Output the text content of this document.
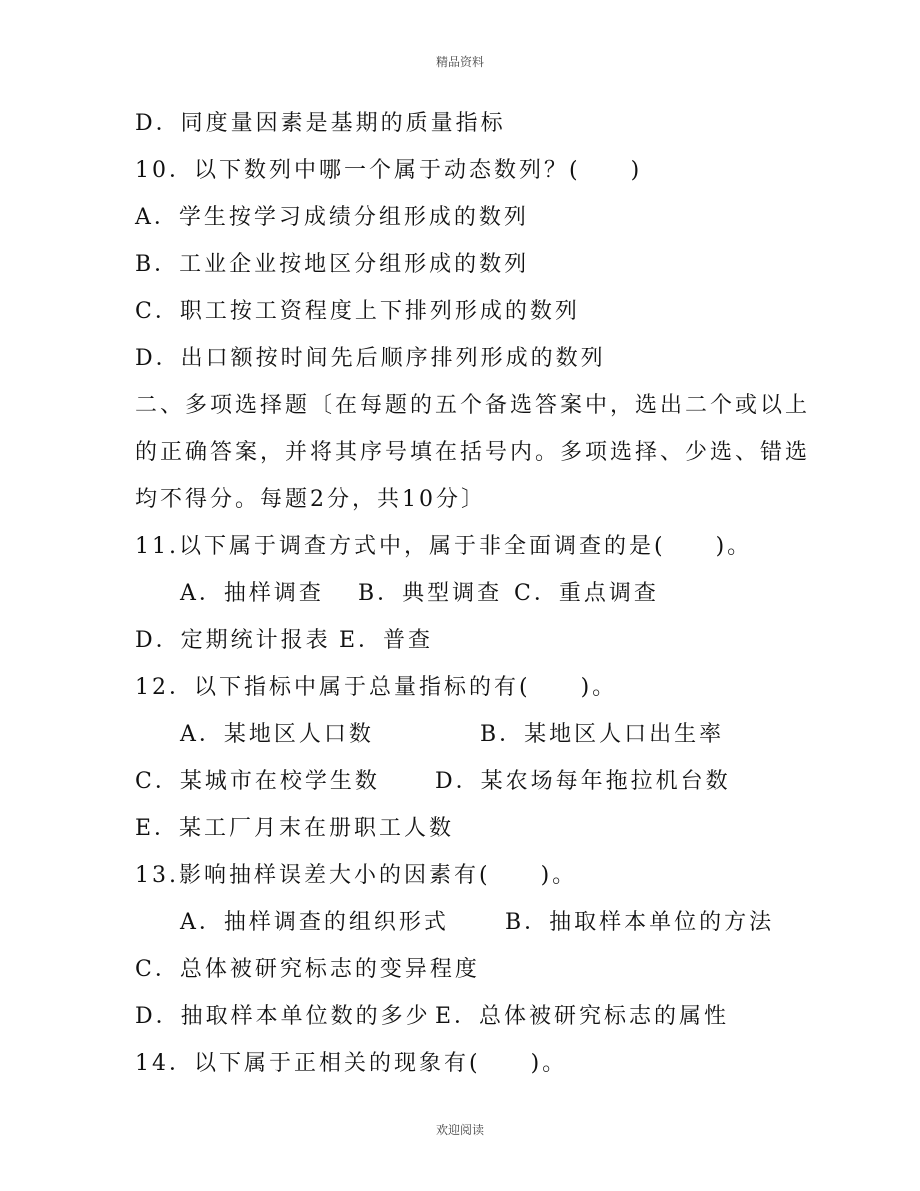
精品资料
D．同度量因素是基期的质量指标
10．以下数列中哪一个属于动态数列？(　　)
A．学生按学习成绩分组形成的数列
B．工业企业按地区分组形成的数列
C．职工按工资程度上下排列形成的数列
D．出口额按时间先后顺序排列形成的数列
二、多项选择题〔在每题的五个备选答案中，选出二个或以上
的正确答案，并将其序号填在括号内。多项选择、少选、错选
均不得分。每题2分，共10分〕
11.以下属于调查方式中，属于非全面调查的是(　　)。
A．抽样调查 B．典型调查 C．重点调查
D．定期统计报表 E．普查
12．以下指标中属于总量指标的有(　　)。
A．某地区人口数	B．某地区人口出生率
C．某城市在校学生数	D．某农场每年拖拉机台数
E．某工厂月末在册职工人数
13.影响抽样误差大小的因素有(　　)。
A．抽样调查的组织形式	B．抽取样本单位的方法
C．总体被研究标志的变异程度
D．抽取样本单位数的多少 E．总体被研究标志的属性
14．以下属于正相关的现象有(　　)。
欢迎阅读
